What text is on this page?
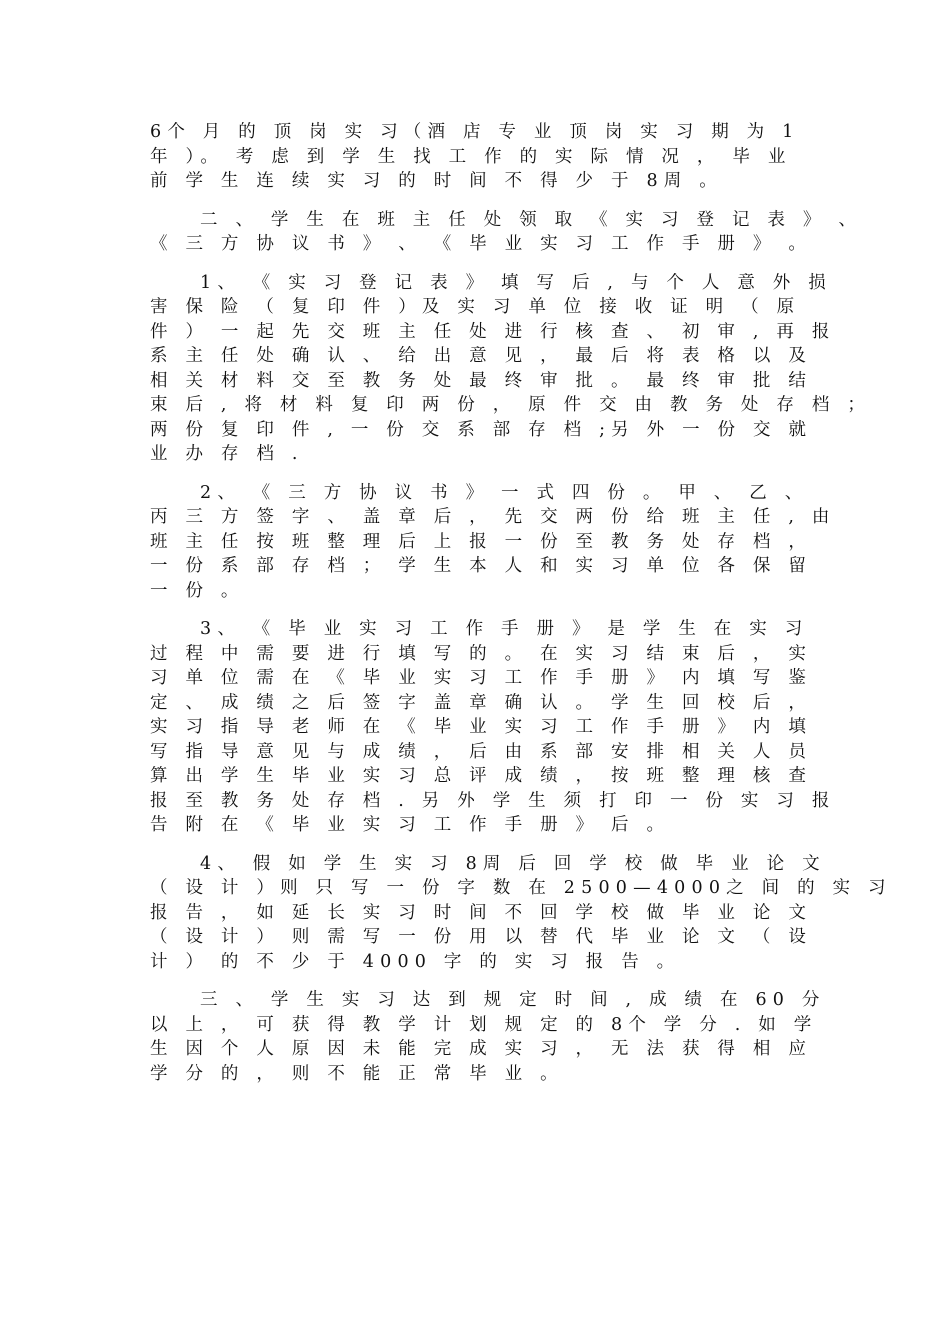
6个 月 的 顶 岗 实 习（酒 店 专 业 顶 岗 实 习 期 为 1
年 ）。 考 虑 到 学 生 找 工 作 的 实 际 情 况 ， 毕 业
前 学 生 连 续 实 习 的 时 间 不 得 少 于 8周 。
二 、 学 生 在 班 主 任 处 领 取 《 实 习 登 记 表 》 、
《 三 方 协 议 书 》 、 《 毕 业 实 习 工 作 手 册 》 。
1、 《 实 习 登 记 表 》 填 写 后 , 与 个 人 意 外 损
害 保 险 （ 复 印 件 ）及 实 习 单 位 接 收 证 明 （ 原
件 ） 一 起 先 交 班 主 任 处 进 行 核 查 、 初 审 , 再 报
系 主 任 处 确 认 、 给 出 意 见 ， 最 后 将 表 格 以 及
相 关 材 料 交 至 教 务 处 最 终 审 批 。 最 终 审 批 结
束 后 , 将 材 料 复 印 两 份 ， 原 件 交 由 教 务 处 存 档 ；
两 份 复 印 件 , 一 份 交 系 部 存 档 ;另 外 一 份 交 就
业 办 存 档 .
2、 《 三 方 协 议 书 》 一 式 四 份 。 甲 、 乙 、
丙 三 方 签 字 、 盖 章 后 ， 先 交 两 份 给 班 主 任 , 由
班 主 任 按 班 整 理 后 上 报 一 份 至 教 务 处 存 档 ，
一 份 系 部 存 档 ； 学 生 本 人 和 实 习 单 位 各 保 留
一 份 。
3、 《 毕 业 实 习 工 作 手 册 》 是 学 生 在 实 习
过 程 中 需 要 进 行 填 写 的 。 在 实 习 结 束 后 ， 实
习 单 位 需 在 《 毕 业 实 习 工 作 手 册 》 内 填 写 鉴
定 、 成 绩 之 后 签 字 盖 章 确 认 。 学 生 回 校 后 ，
实 习 指 导 老 师 在 《 毕 业 实 习 工 作 手 册 》 内 填
写 指 导 意 见 与 成 绩 ， 后 由 系 部 安 排 相 关 人 员
算 出 学 生 毕 业 实 习 总 评 成 绩 ， 按 班 整 理 核 查
报 至 教 务 处 存 档 . 另 外 学 生 须 打 印 一 份 实 习 报
告 附 在 《 毕 业 实 习 工 作 手 册 》 后 。
4、 假 如 学 生 实 习 8周 后 回 学 校 做 毕 业 论 文
（ 设 计 ）则 只 写 一 份 字 数 在 2500—4000之 间 的 实 习
报 告 ， 如 延 长 实 习 时 间 不 回 学 校 做 毕 业 论 文
（ 设 计 ） 则 需 写 一 份 用 以 替 代 毕 业 论 文 （ 设
计 ） 的 不 少 于 4000 字 的 实 习 报 告 。
三 、 学 生 实 习 达 到 规 定 时 间 , 成 绩 在 60 分
以 上 ， 可 获 得 教 学 计 划 规 定 的 8个 学 分 . 如 学
生 因 个 人 原 因 未 能 完 成 实 习 ， 无 法 获 得 相 应
学 分 的 ， 则 不 能 正 常 毕 业 。
